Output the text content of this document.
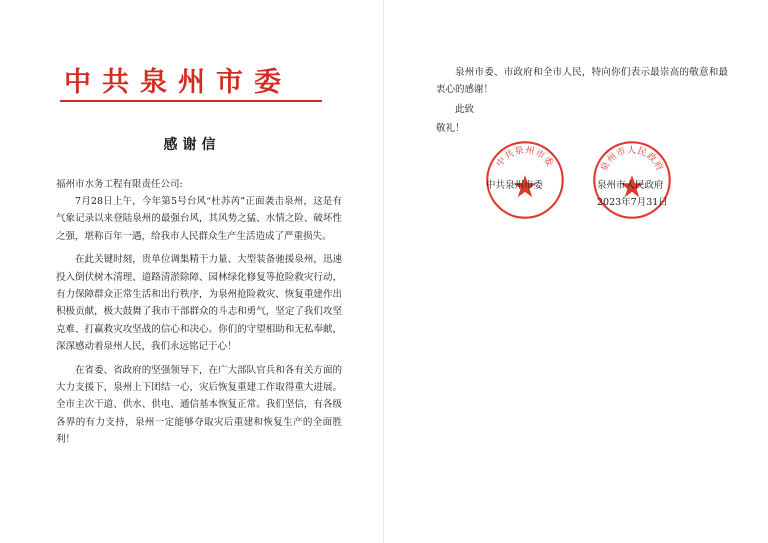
中共泉州市委
感谢信
福州市水务工程有限责任公司:

7月28日上午，今年第5号台风“杜苏芮”正面袭击泉州，这是有气象记录以来登陆泉州的最强台风，其风势之猛、水情之险、破坏性之强，堪称百年一遇，给我市人民群众生产生活造成了严重损失。

在此关键时刻，贵单位调集精干力量、大型装备驰援泉州，迅速投入倒伏树木清理、道路清淤除障、园林绿化修复等抢险救灾行动，有力保障群众正常生活和出行秩序，为泉州抢险救灾、恢复重建作出积极贡献，极大鼓舞了我市干部群众的斗志和勇气，坚定了我们攻坚克难、打赢救灾攻坚战的信心和决心。你们的守望相助和无私奉献，深深感动着泉州人民，我们永远铭记于心！

在省委、省政府的坚强领导下，在广大部队官兵和各有关方面的大力支援下，泉州上下团结一心，灾后恢复重建工作取得重大进展。全市主次干道、供水、供电、通信基本恢复正常。我们坚信，有各级各界的有力支持，泉州一定能够夺取灾后重建和恢复生产的全面胜利！

泉州市委、市政府和全市人民，特向你们表示最崇高的敬意和最衷心的感谢！

此致

敬礼！

中共泉州市委	泉州市人民政府
中共泉州市委	泉州市人民政府
2023年7月31日
